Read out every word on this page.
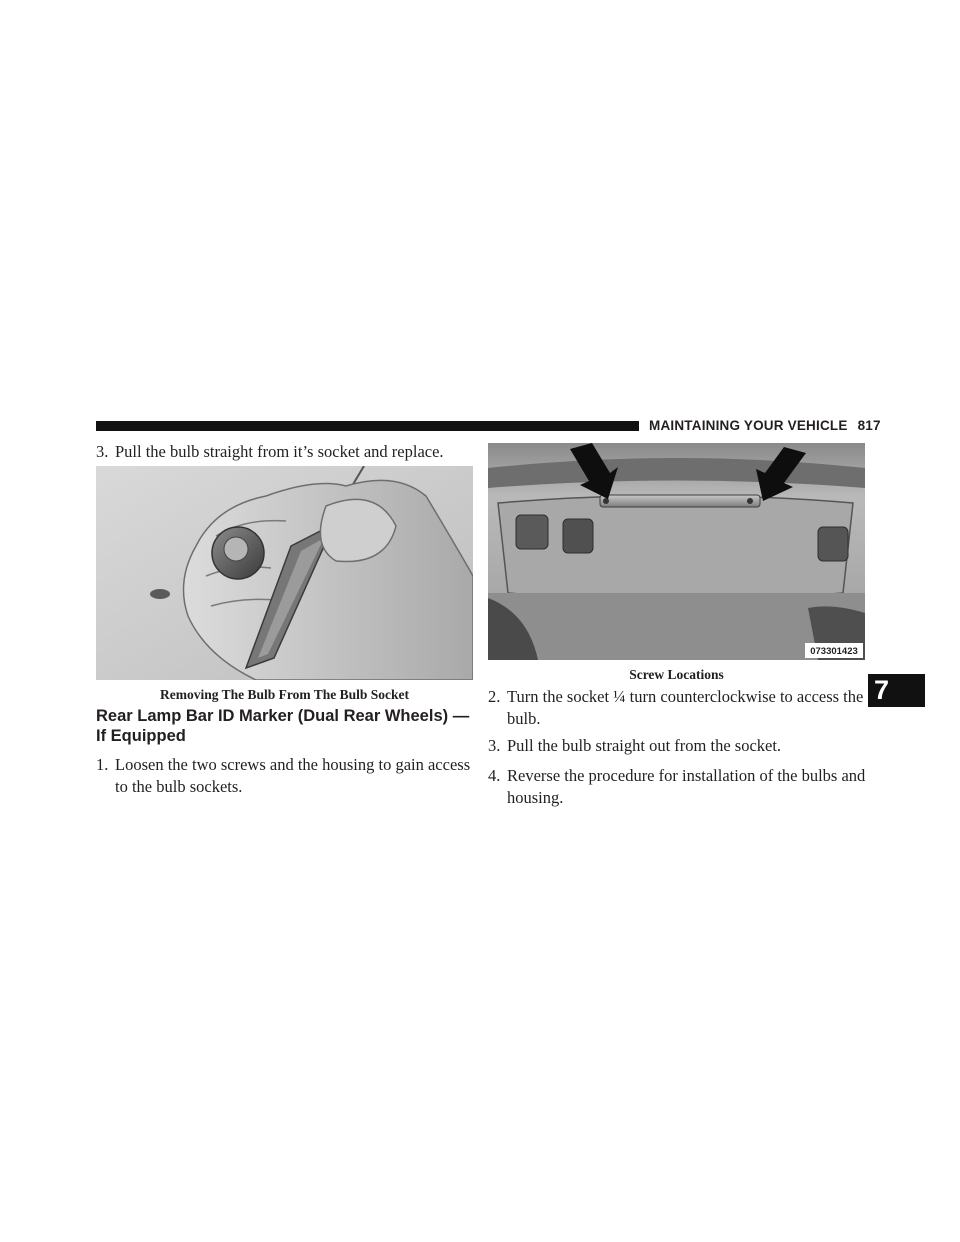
MAINTAINING YOUR VEHICLE 817
3. Pull the bulb straight from it’s socket and replace.
Removing The Bulb From The Bulb Socket
Rear Lamp Bar ID Marker (Dual Rear Wheels) — If Equipped
1. Loosen the two screws and the housing to gain access
to the bulb sockets.
073301423
Screw Locations
2. Turn the socket ¼ turn counterclockwise to access the
bulb.
3. Pull the bulb straight out from the socket.
4. Reverse the procedure for installation of the bulbs and
housing.
7
